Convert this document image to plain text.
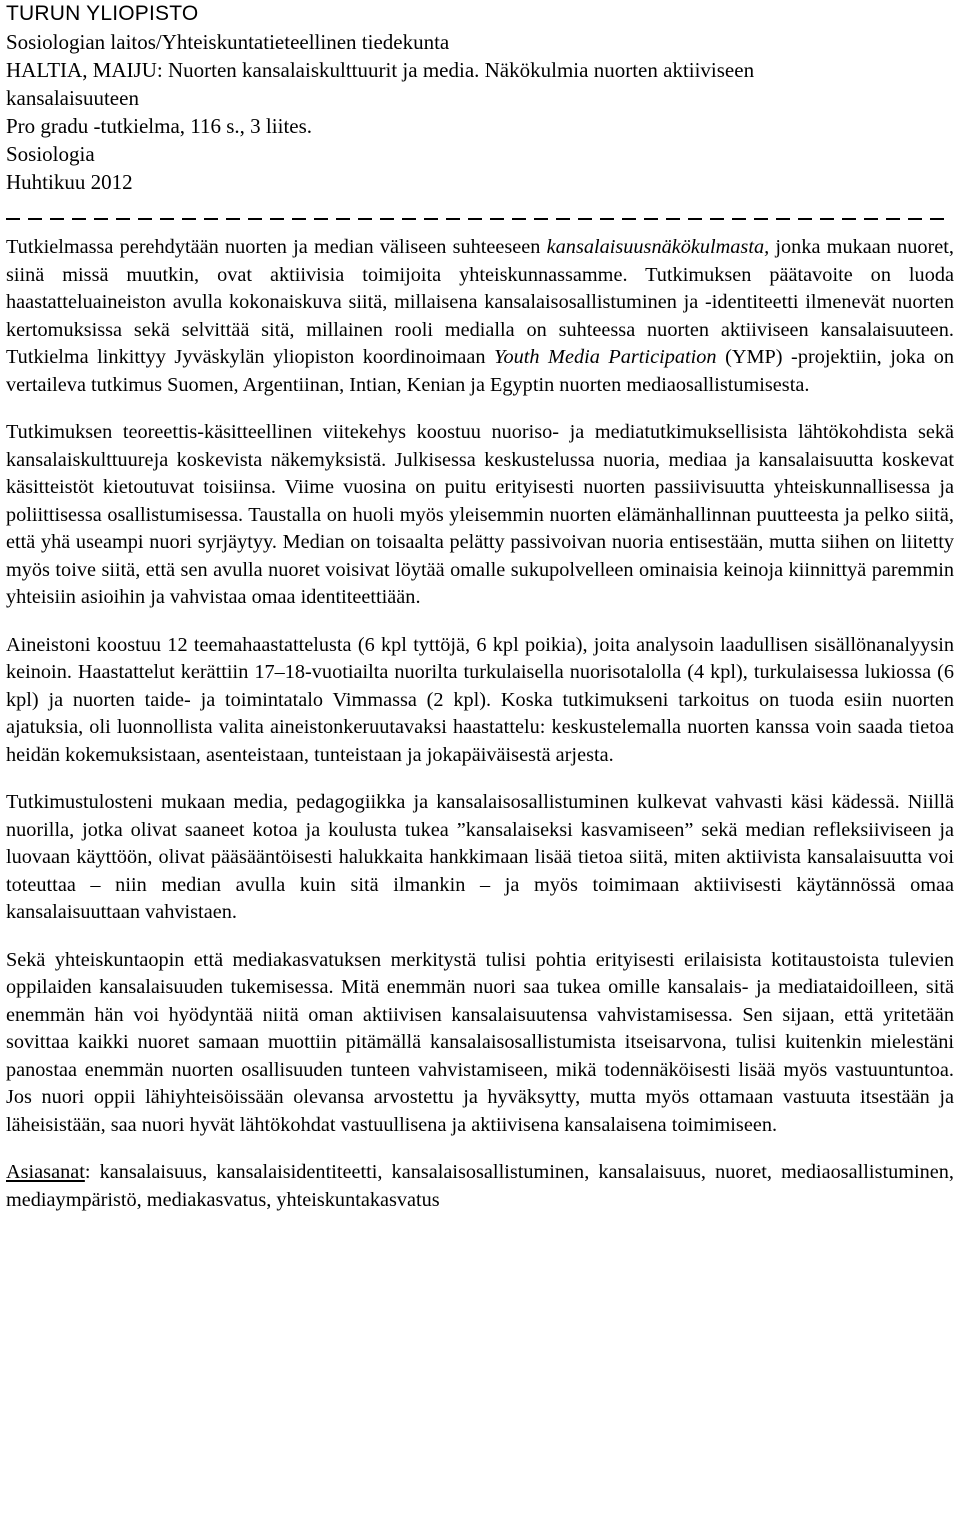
TURUN YLIOPISTO
Sosiologian laitos/Yhteiskuntatieteellinen tiedekunta
HALTIA, MAIJU: Nuorten kansalaiskulttuurit ja media. Näkökulmia nuorten aktiiviseen
kansalaisuuteen
Pro gradu -tutkielma, 116 s., 3 liites.
Sosiologia
Huhtikuu 2012

Tutkielmassa perehdytään nuorten ja median väliseen suhteeseen kansalaisuusnäkökulmasta, jonka mukaan nuoret, siinä missä muutkin, ovat aktiivisia toimijoita yhteiskunnassamme. Tutkimuksen päätavoite on luoda haastatteluaineiston avulla kokonaiskuva siitä, millaisena kansalaisosallistuminen ja -identiteetti ilmenevät nuorten kertomuksissa sekä selvittää sitä, millainen rooli medialla on suhteessa nuorten aktiiviseen kansalaisuuteen. Tutkielma linkittyy Jyväskylän yliopiston koordinoimaan Youth Media Participation (YMP) -projektiin, joka on vertaileva tutkimus Suomen, Argentiinan, Intian, Kenian ja Egyptin nuorten mediaosallistumisesta.

Tutkimuksen teoreettis-käsitteellinen viitekehys koostuu nuoriso- ja mediatutkimuksellisista lähtökohdista sekä kansalaiskulttuureja koskevista näkemyksistä. Julkisessa keskustelussa nuoria, mediaa ja kansalaisuutta koskevat käsitteistöt kietoutuvat toisiinsa. Viime vuosina on puitu erityisesti nuorten passiivisuutta yhteiskunnallisessa ja poliittisessa osallistumisessa. Taustalla on huoli myös yleisemmin nuorten elämänhallinnan puutteesta ja pelko siitä, että yhä useampi nuori syrjäytyy. Median on toisaalta pelätty passivoivan nuoria entisestään, mutta siihen on liitetty myös toive siitä, että sen avulla nuoret voisivat löytää omalle sukupolvelleen ominaisia keinoja kiinnittyä paremmin yhteisiin asioihin ja vahvistaa omaa identiteettiään.

Aineistoni koostuu 12 teemahaastattelusta (6 kpl tyttöjä, 6 kpl poikia), joita analysoin laadullisen sisällönanalyysin keinoin. Haastattelut kerättiin 17–18-vuotiailta nuorilta turkulaisella nuorisotalolla (4 kpl), turkulaisessa lukiossa (6 kpl) ja nuorten taide- ja toimintatalo Vimmassa (2 kpl). Koska tutkimukseni tarkoitus on tuoda esiin nuorten ajatuksia, oli luonnollista valita aineistonkeruutavaksi haastattelu: keskustelemalla nuorten kanssa voin saada tietoa heidän kokemuksistaan, asenteistaan, tunteistaan ja jokapäiväisestä arjesta.

Tutkimustulosteni mukaan media, pedagogiikka ja kansalaisosallistuminen kulkevat vahvasti käsi kädessä. Niillä nuorilla, jotka olivat saaneet kotoa ja koulusta tukea ”kansalaiseksi kasvamiseen” sekä median refleksiiviseen ja luovaan käyttöön, olivat pääsääntöisesti halukkaita hankkimaan lisää tietoa siitä, miten aktiivista kansalaisuutta voi toteuttaa – niin median avulla kuin sitä ilmankin – ja myös toimimaan aktiivisesti käytännössä omaa kansalaisuuttaan vahvistaen.

Sekä yhteiskuntaopin että mediakasvatuksen merkitystä tulisi pohtia erityisesti erilaisista kotitaustoista tulevien oppilaiden kansalaisuuden tukemisessa. Mitä enemmän nuori saa tukea omille kansalais- ja mediataidoilleen, sitä enemmän hän voi hyödyntää niitä oman aktiivisen kansalaisuutensa vahvistamisessa. Sen sijaan, että yritetään sovittaa kaikki nuoret samaan muottiin pitämällä kansalaisosallistumista itseisarvona, tulisi kuitenkin mielestäni panostaa enemmän nuorten osallisuuden tunteen vahvistamiseen, mikä todennäköisesti lisää myös vastuuntuntoa. Jos nuori oppii lähiyhteisöissään olevansa arvostettu ja hyväksytty, mutta myös ottamaan vastuuta itsestään ja läheisistään, saa nuori hyvät lähtökohdat vastuullisena ja aktiivisena kansalaisena toimimiseen.

Asiasanat: kansalaisuus, kansalaisidentiteetti, kansalaisosallistuminen, kansalaisuus, nuoret, mediaosallistuminen, mediaympäristö, mediakasvatus, yhteiskuntakasvatus
